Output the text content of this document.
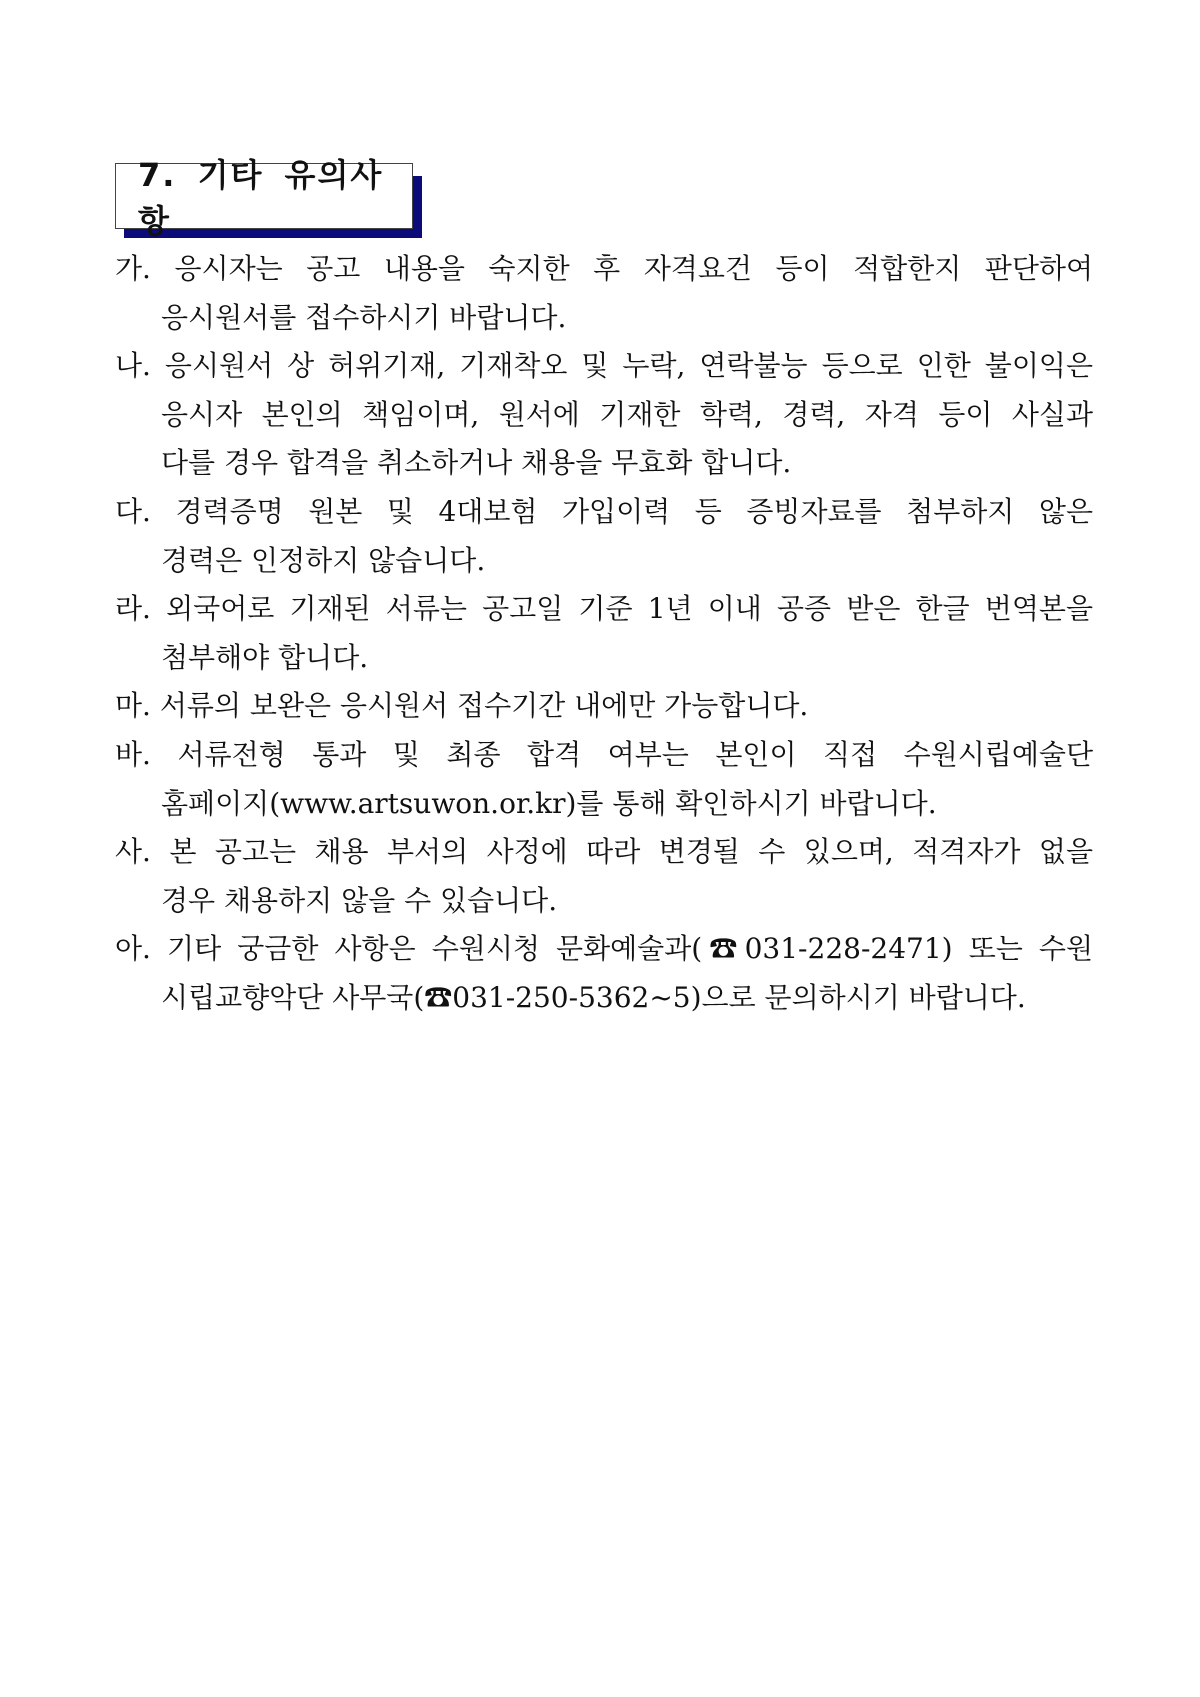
7. 기타 유의사항
가. 응시자는 공고 내용을 숙지한 후 자격요건 등이 적합한지 판단하여
응시원서를 접수하시기 바랍니다.
나. 응시원서 상 허위기재, 기재착오 및 누락, 연락불능 등으로 인한 불이익은
응시자 본인의 책임이며, 원서에 기재한 학력, 경력, 자격 등이 사실과
다를 경우 합격을 취소하거나 채용을 무효화 합니다.
다. 경력증명 원본 및 4대보험 가입이력 등 증빙자료를 첨부하지 않은
경력은 인정하지 않습니다.
라. 외국어로 기재된 서류는 공고일 기준 1년 이내 공증 받은 한글 번역본을
첨부해야 합니다.
마. 서류의 보완은 응시원서 접수기간 내에만 가능합니다.
바. 서류전형 통과 및 최종 합격 여부는 본인이 직접 수원시립예술단
홈페이지(www.artsuwon.or.kr)를 통해 확인하시기 바랍니다.
사. 본 공고는 채용 부서의 사정에 따라 변경될 수 있으며, 적격자가 없을
경우 채용하지 않을 수 있습니다.
아. 기타 궁금한 사항은 수원시청 문화예술과(☎031-228-2471) 또는 수원
시립교향악단 사무국(☎031-250-5362~5)으로 문의하시기 바랍니다.
